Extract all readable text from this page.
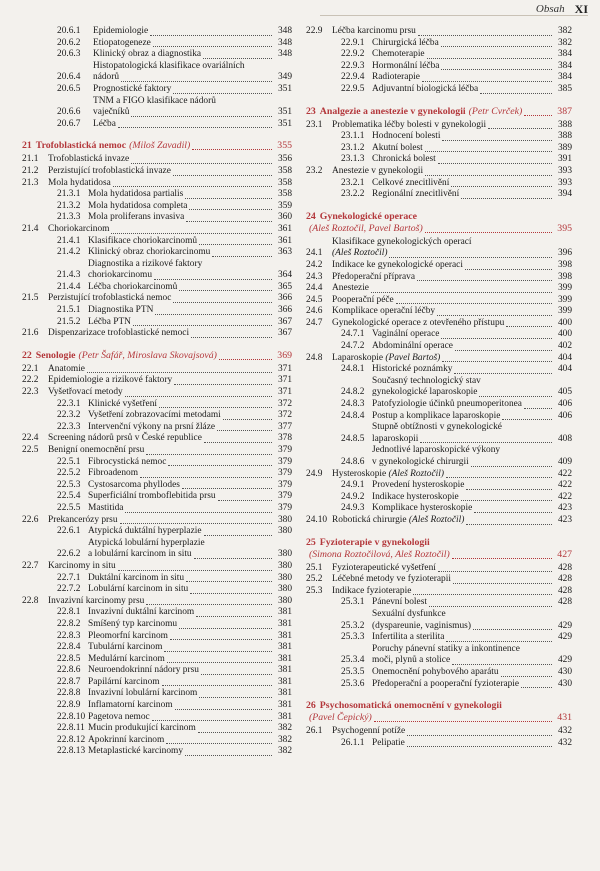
Obsah XI
20.6.1	Epidemiologie	348
20.6.2	Etiopatogeneze	348
20.6.3	Klinický obraz a diagnostika	348
20.6.4
Histopatologická klasifikace ovariálních
nádorů	349
20.6.5	Prognostické faktory	351
20.6.6
TNM a FIGO klasifikace nádorů
vaječníků	351
20.6.7	Léčba	351
21 Trofoblastická nemoc (Miloš Zavadil)	355
21.1	Trofoblastická invaze	356
21.2	Perzistující trofoblastická invaze	358
21.3	Mola hydatidosa	358
21.3.1 Mola hydatidosa partialis	358
21.3.2 Mola hydatidosa completa	359
21.3.3 Mola proliferans invasiva	360
21.4	Choriokarcinom	361
21.4.1 Klasifikace choriokarcinomů	361
21.4.2 Klinický obraz choriokarcinomu	363
21.4.3
Diagnostika a rizikové faktory
choriokarcinomu	364
21.4.4 Léčba choriokarcinomů	365
21.5	Perzistující trofoblastická nemoc	366
21.5.1 Diagnostika PTN	366
21.5.2 Léčba PTN	367
21.6	Dispenzarizace trofoblastické nemoci	367
22 Senologie (Petr Šafář, Miroslava Skovajsová)	369
22.1	Anatomie	371
22.2	Epidemiologie a rizikové faktory	371
22.3	Vyšetřovací metody	371
22.3.1 Klinické vyšetření	372
22.3.2 Vyšetření zobrazovacími metodami	372
22.3.3 Intervenční výkony na prsní žláze	377
22.4	Screening nádorů prsů v České republice	378
22.5	Benigní onemocnění prsu	379
22.5.1 Fibrocystická nemoc	379
22.5.2 Fibroadenom	379
22.5.3 Cystosarcoma phyllodes	379
22.5.4 Superficiální tromboflebitida prsu	379
22.5.5 Mastitida	379
22.6	Prekancerózy prsu	380
22.6.1 Atypická duktální hyperplazie	380
22.6.2
Atypická lobulární hyperplazie
a lobulární karcinom in situ	380
22.7	Karcinomy in situ	380
22.7.1 Duktální karcinom in situ	380
22.7.2 Lobulární karcinom in situ	380
22.8	Invazivní karcinomy prsu	380
22.8.1 Invazivní duktální karcinom	381
22.8.2 Smíšený typ karcinomu	381
22.8.3 Pleomorfní karcinom	381
22.8.4 Tubulární karcinom	381
22.8.5 Medulární karcinom	381
22.8.6 Neuroendokrinní nádory prsu	381
22.8.7 Papilární karcinom	381
22.8.8 Invazivní lobulární karcinom	381
22.8.9 Inflamatorní karcinom	381
22.8.10 Pagetova nemoc	381
22.8.11 Mucin produkující karcinom	382
22.8.12 Apokrinní karcinom	382
22.8.13 Metaplastické karcinomy	382
22.9	Léčba karcinomu prsu	382
22.9.1 Chirurgická léčba	382
22.9.2 Chemoterapie	384
22.9.3 Hormonální léčba	384
22.9.4 Radioterapie	384
22.9.5 Adjuvantní biologická léčba	385
23 Analgezie a anestezie v gynekologii (Petr Cvrček)	387
23.1	Problematika léčby bolesti v gynekologii	388
23.1.1 Hodnocení bolesti	388
23.1.2 Akutní bolest	389
23.1.3 Chronická bolest	391
23.2	Anestezie v gynekologii	393
23.2.1 Celkové znecitlivění	393
23.2.2 Regionální znecitlivění	394
24 Gynekologické operace
(Aleš Roztočil, Pavel Bartoš)	395
24.1
Klasifikace gynekologických operací
(Aleš Roztočil)	396
24.2	Indikace ke gynekologické operaci	398
24.3	Předoperační příprava	398
24.4	Anestezie	399
24.5	Pooperační péče	399
24.6	Komplikace operační léčby	399
24.7	Gynekologické operace z otevřeného přístupu	400
24.7.1 Vaginální operace	400
24.7.2 Abdominální operace	402
24.8	Laparoskopie (Pavel Bartoš)	404
24.8.1 Historické poznámky	404
24.8.2
Současný technologický stav
gynekologické laparoskopie	405
24.8.3 Patofyziologie účinků pneumoperitonea	406
24.8.4 Postup a komplikace laparoskopie	406
24.8.5
Stupně obtížnosti v gynekologické
laparoskopii	408
24.8.6
Jednotlivé laparoskopické výkony
v gynekologické chirurgii	409
24.9	Hysteroskopie (Aleš Roztočil)	422
24.9.1 Provedení hysteroskopie	422
24.9.2 Indikace hysteroskopie	422
24.9.3 Komplikace hysteroskopie	423
24.10 Robotická chirurgie (Aleš Roztočil)	423
25 Fyzioterapie v gynekologii
(Simona Roztočilová, Aleš Roztočil)	427
25.1	Fyzioterapeutické vyšetření	428
25.2	Léčebné metody ve fyzioterapii	428
25.3	Indikace fyzioterapie	428
25.3.1 Pánevní bolest	428
25.3.2
Sexuální dysfunkce
(dyspareunie, vaginismus)	429
25.3.3 Infertilita a sterilita	429
25.3.4
Poruchy pánevní statiky a inkontinence
moči, plynů a stolice	429
25.3.5 Onemocnění pohybového aparátu	430
25.3.6 Předoperační a pooperační fyzioterapie	430
26 Psychosomatická onemocnění v gynekologii
(Pavel Čepický)	431
26.1	Psychogenní potíže	432
26.1.1 Pelipatie	432
